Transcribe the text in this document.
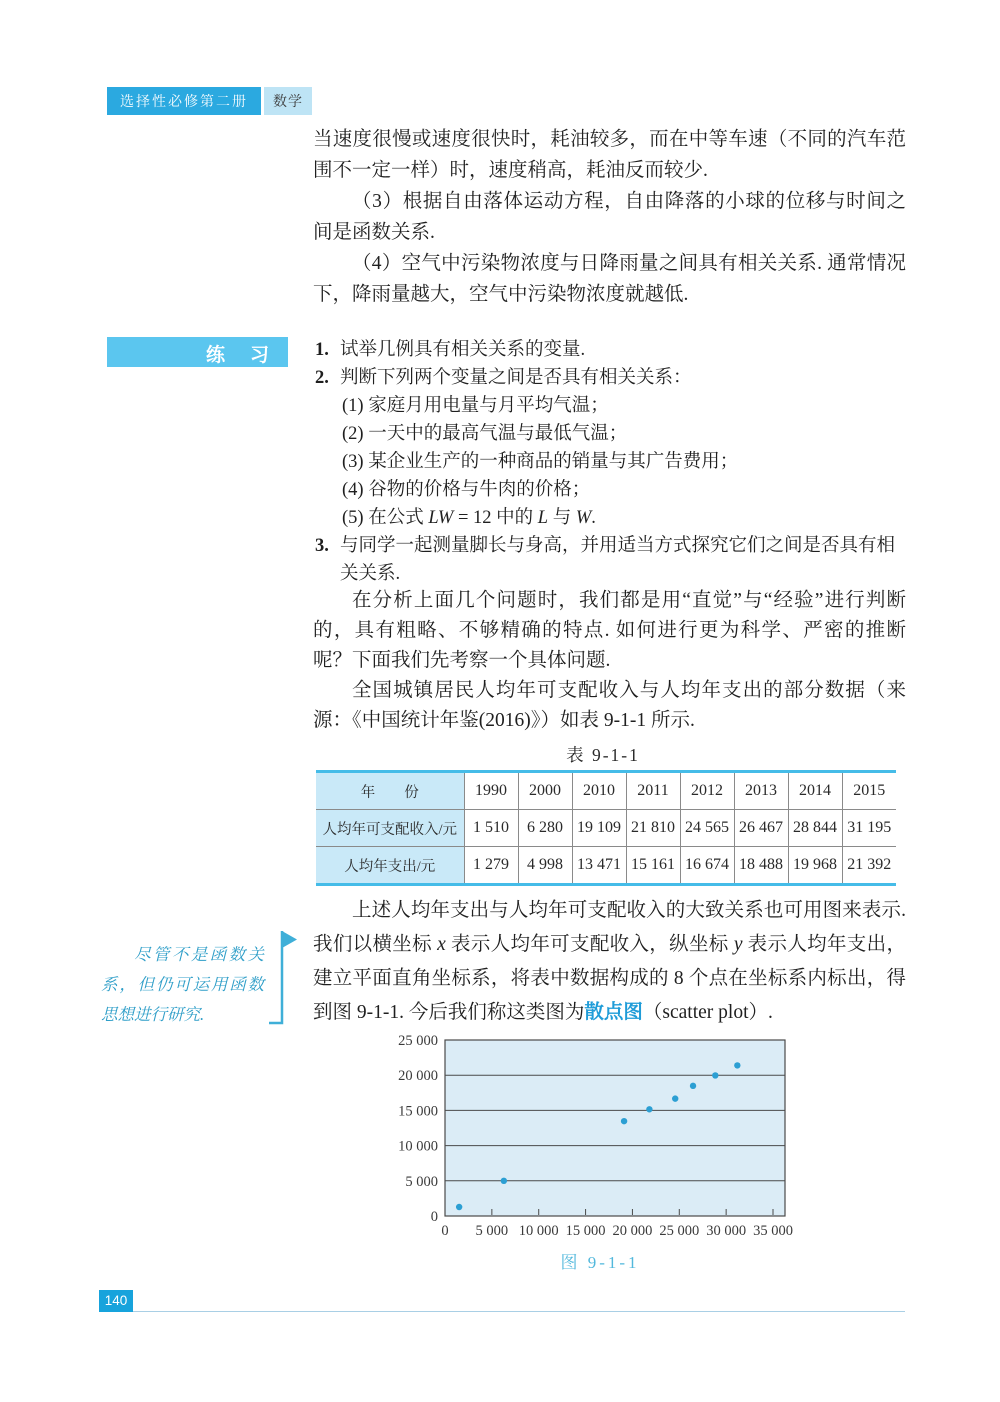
选择性必修第二册	数学

当速度很慢或速度很快时，耗油较多，而在中等车速（不同的汽车范围不一定一样）时，速度稍高，耗油反而较少.

（3）根据自由落体运动方程，自由降落的小球的位移与时间之间是函数关系.

（4）空气中污染物浓度与日降雨量之间具有相关关系. 通常情况下，降雨量越大，空气中污染物浓度就越低.

练　习	1. 试举几例具有相关关系的变量.
2. 判断下列两个变量之间是否具有相关关系：
(1) 家庭月用电量与月平均气温；
(2) 一天中的最高气温与最低气温；
(3) 某企业生产的一种商品的销量与其广告费用；
(4) 谷物的价格与牛肉的价格；
(5) 在公式 LW = 12 中的 L 与 W.
3. 与同学一起测量脚长与身高，并用适当方式探究它们之间是否具有相关关系.

在分析上面几个问题时，我们都是用“直觉”与“经验”进行判断的，具有粗略、不够精确的特点. 如何进行更为科学、严密的推断呢？下面我们先考察一个具体问题.

全国城镇居民人均年可支配收入与人均年支出的部分数据（来源：《中国统计年鉴(2016)》）如表 9-1-1 所示.

表 9-1-1
年　　份	1990	2000	2010	2011	2012	2013	2014	2015
人均年可支配收入/元	1 510	6 280	19 109	21 810	24 565	26 467	28 844	31 195
人均年支出/元	1 279	4 998	13 471	15 161	16 674	18 488	19 968	21 392
尽管不是函数关系，但仍可运用函数思想进行研究.

上述人均年支出与人均年可支配收入的大致关系也可用图来表示. 我们以横坐标 x 表示人均年可支配收入，纵坐标 y 表示人均年支出，建立平面直角坐标系，将表中数据构成的 8 个点在坐标系内标出，得到图 9-1-1. 今后我们称这类图为散点图（scatter plot）.

0
5 000
10 000
15 000
20 000
25 000
0 5 000 10 000 15 000 20 000 25 000 30 000 35 000
图 9-1-1
140
